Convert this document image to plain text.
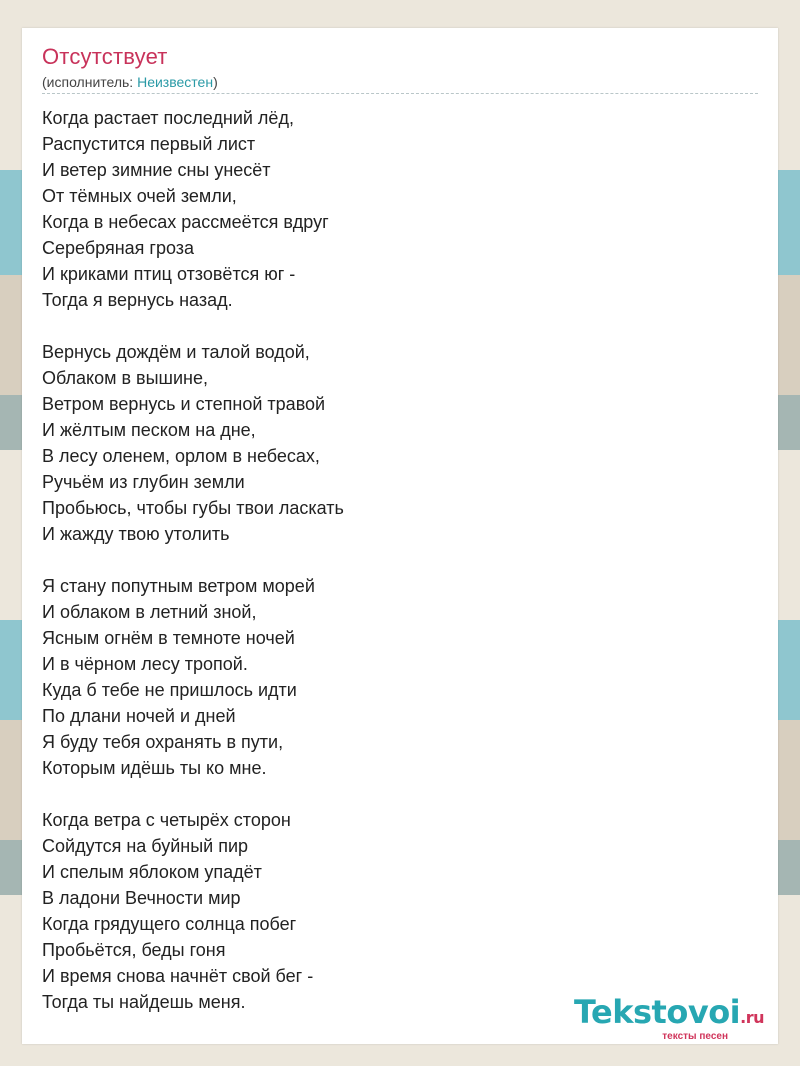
Отсутствует
(исполнитель: Неизвестен)
Когда растает последний лёд,
Распустится первый лист
И ветер зимние сны унесёт
От тёмных очей земли,
Когда в небесах рассмеётся вдруг
Серебряная гроза
И криками птиц отзовётся юг -
Тогда я вернусь назад.
Вернусь дождём и талой водой,
Облаком в вышине,
Ветром вернусь и степной травой
И жёлтым песком на дне,
В лесу оленем, орлом в небесах,
Ручьём из глубин земли
Пробьюсь, чтобы губы твои ласкать
И жажду твою утолить
Я стану попутным ветром морей
И облаком в летний зной,
Ясным огнём в темноте ночей
И в чёрном лесу тропой.
Куда б тебе не пришлось идти
По длани ночей и дней
Я буду тебя охранять в пути,
Которым идёшь ты ко мне.
Когда ветра с четырёх сторон
Сойдутся на буйный пир
И спелым яблоком упадёт
В ладони Вечности мир
Когда грядущего солнца побег
Пробьётся, беды гоня
И время снова начнёт свой бег -
Тогда ты найдешь меня.	Tekstovoi.ru
тексты песен
